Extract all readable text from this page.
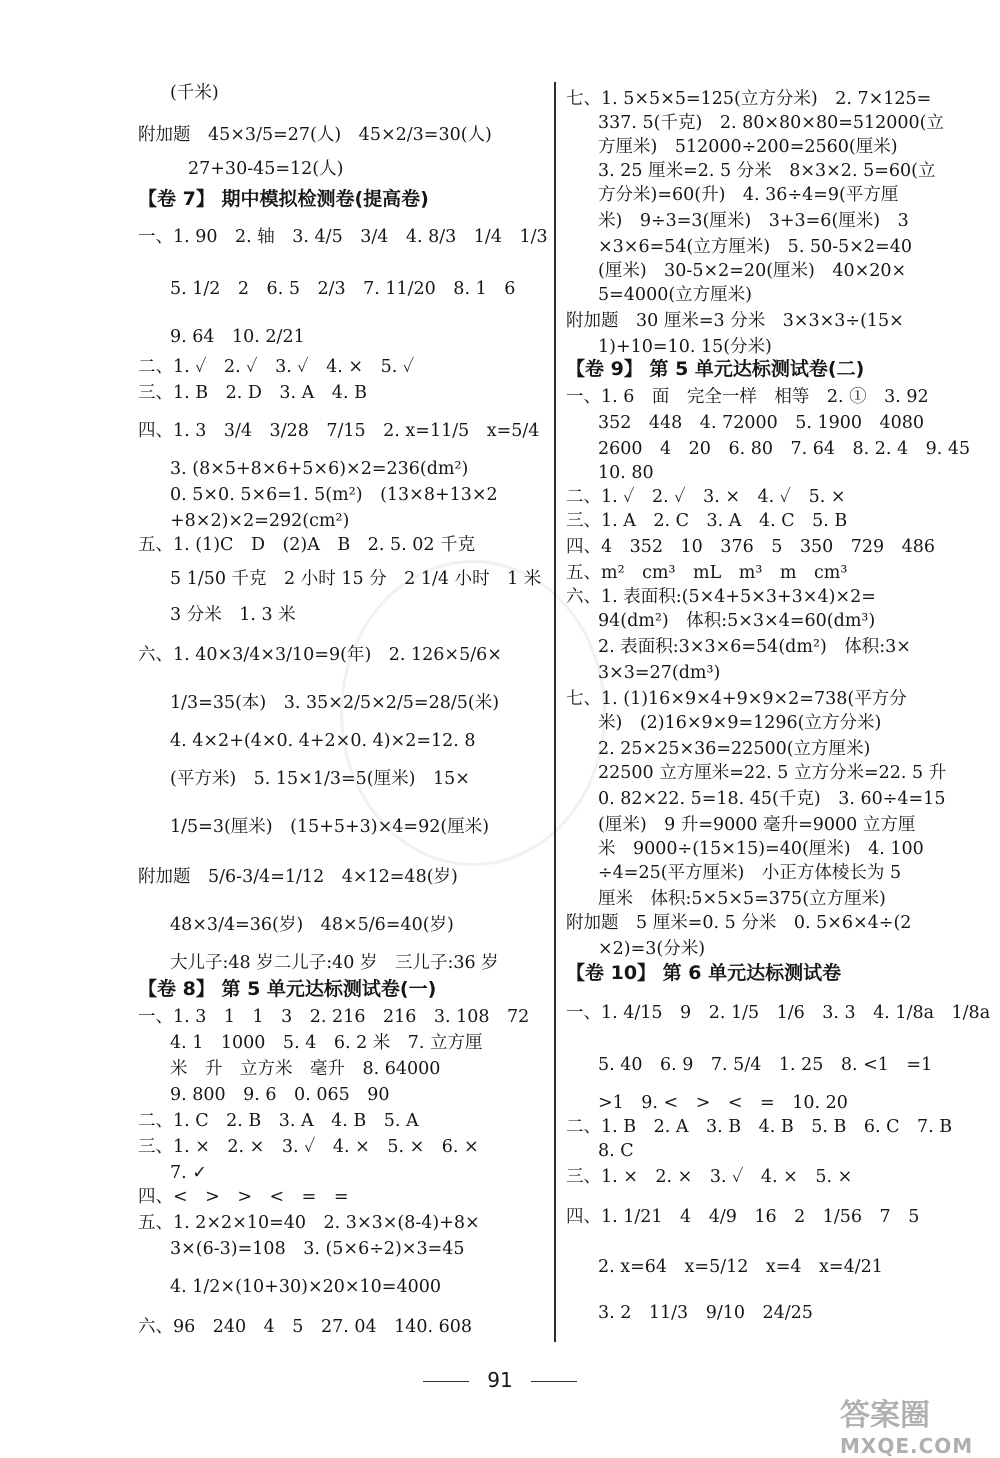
(千米)
附加题　45×3/5=27(人)　45×2/3=30(人)
27+30-45=12(人)
【卷 7】 期中模拟检测卷(提高卷)
一、1. 90　2. 轴　3. 4/5　3/4　4. 8/3　1/4　1/3
5. 1/2　2　6. 5　2/3　7. 11/20　8. 1　6
9. 64　10. 2/21
二、1. ✓　2. ✓　3. ✓　4. ×　5. ✓
三、1. B　2. D　3. A　4. B
四、1. 3　3/4　3/28　7/15　2. x=11/5　x=5/4
3. (8×5+8×6+5×6)×2=236(dm²)
0. 5×0. 5×6=1. 5(m²)　(13×8+13×2
+8×2)×2=292(cm²)
五、1. (1)C　D　(2)A　B　2. 5. 02 千克
5 1/50 千克　2 小时 15 分　2 1/4 小时　1 米
3 分米　1. 3 米
六、1. 40×3/4×3/10=9(年)　2. 126×5/6×
1/3=35(本)　3. 35×2/5×2/5=28/5(米)
4. 4×2+(4×0. 4+2×0. 4)×2=12. 8
(平方米)　5. 15×1/3=5(厘米)　15×
1/5=3(厘米)　(15+5+3)×4=92(厘米)
附加题　5/6-3/4=1/12　4×12=48(岁)
48×3/4=36(岁)　48×5/6=40(岁)
大儿子:48 岁二儿子:40 岁　三儿子:36 岁
【卷 8】 第 5 单元达标测试卷(一)
一、1. 3　1　1　3　2. 216　216　3. 108　72
4. 1　1000　5. 4　6. 2 米　7. 立方厘
米　升　立方米　毫升　8. 64000
9. 800　9. 6　0. 065　90
二、1. C　2. B　3. A　4. B　5. A
三、1. ×　2. ×　3. ✓　4. ×　5. ×　6. ×
7. ✓
四、<　>　>　<　=　=
五、1. 2×2×10=40　2. 3×3×(8-4)+8×
3×(6-3)=108　3. (5×6÷2)×3=45
4. 1/2×(10+30)×20×10=4000
六、96　240　4　5　27. 04　140. 608
七、1. 5×5×5=125(立方分米)　2. 7×125=
337. 5(千克)　2. 80×80×80=512000(立
方厘米)　512000÷200=2560(厘米)
3. 25 厘米=2. 5 分米　8×3×2. 5=60(立
方分米)=60(升)　4. 36÷4=9(平方厘
米)　9÷3=3(厘米)　3+3=6(厘米)　3
×3×6=54(立方厘米)　5. 50-5×2=40
(厘米)　30-5×2=20(厘米)　40×20×
5=4000(立方厘米)
附加题　30 厘米=3 分米　3×3×3÷(15×
1)+10=10. 15(分米)
【卷 9】 第 5 单元达标测试卷(二)
一、1. 6　面　完全一样　相等　2. ①　3. 92
352　448　4. 72000　5. 1900　4080
2600　4　20　6. 80　7. 64　8. 2. 4　9. 45
10. 80
二、1. ✓　2. ✓　3. ×　4. ✓　5. ×
三、1. A　2. C　3. A　4. C　5. B
四、4　352　10　376　5　350　729　486
五、m²　cm³　mL　m³　m　cm³
六、1. 表面积:(5×4+5×3+3×4)×2=
94(dm²)　体积:5×3×4=60(dm³)
2. 表面积:3×3×6=54(dm²)　体积:3×
3×3=27(dm³)
七、1. (1)16×9×4+9×9×2=738(平方分
米)　(2)16×9×9=1296(立方分米)
2. 25×25×36=22500(立方厘米)
22500 立方厘米=22. 5 立方分米=22. 5 升
0. 82×22. 5=18. 45(千克)　3. 60÷4=15
(厘米)　9 升=9000 毫升=9000 立方厘
米　9000÷(15×15)=40(厘米)　4. 100
÷4=25(平方厘米)　小正方体棱长为 5
厘米　体积:5×5×5=375(立方厘米)
附加题　5 厘米=0. 5 分米　0. 5×6×4÷(2
×2)=3(分米)
【卷 10】 第 6 单元达标测试卷
一、1. 4/15　9　2. 1/5　1/6　3. 3　4. 1/8a　1/8a
5. 40　6. 9　7. 5/4　1. 25　8. <1　=1
>1　9. <　>　<　=　10. 20
二、1. B　2. A　3. B　4. B　5. B　6. C　7. B
8. C
三、1. ×　2. ×　3. ✓　4. ×　5. ×
四、1. 1/21　4　4/9　16　2　1/56　7　5
2. x=64　x=5/12　x=4　x=4/21
3. 2　11/3　9/10　24/25
91
答案圈
MXQE.COM
